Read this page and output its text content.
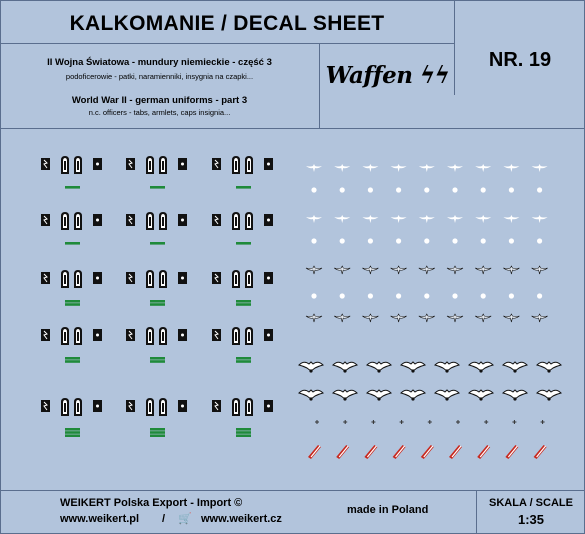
KALKOMANIE / DECAL SHEET
NR. 19
II Wojna Światowa - mundury niemieckie - część 3
podoficerowie - patki, naramienniki, insygnia na czapki...
World War II - german uniforms - part 3
n.c. officers - tabs, armlets, caps insignia...
Waffen ϟϟ
WEIKERT Polska Export - Import ©
www.weikert.pl / 🛒 www.weikert.cz
made in Poland
SKALA / SCALE
1:35
